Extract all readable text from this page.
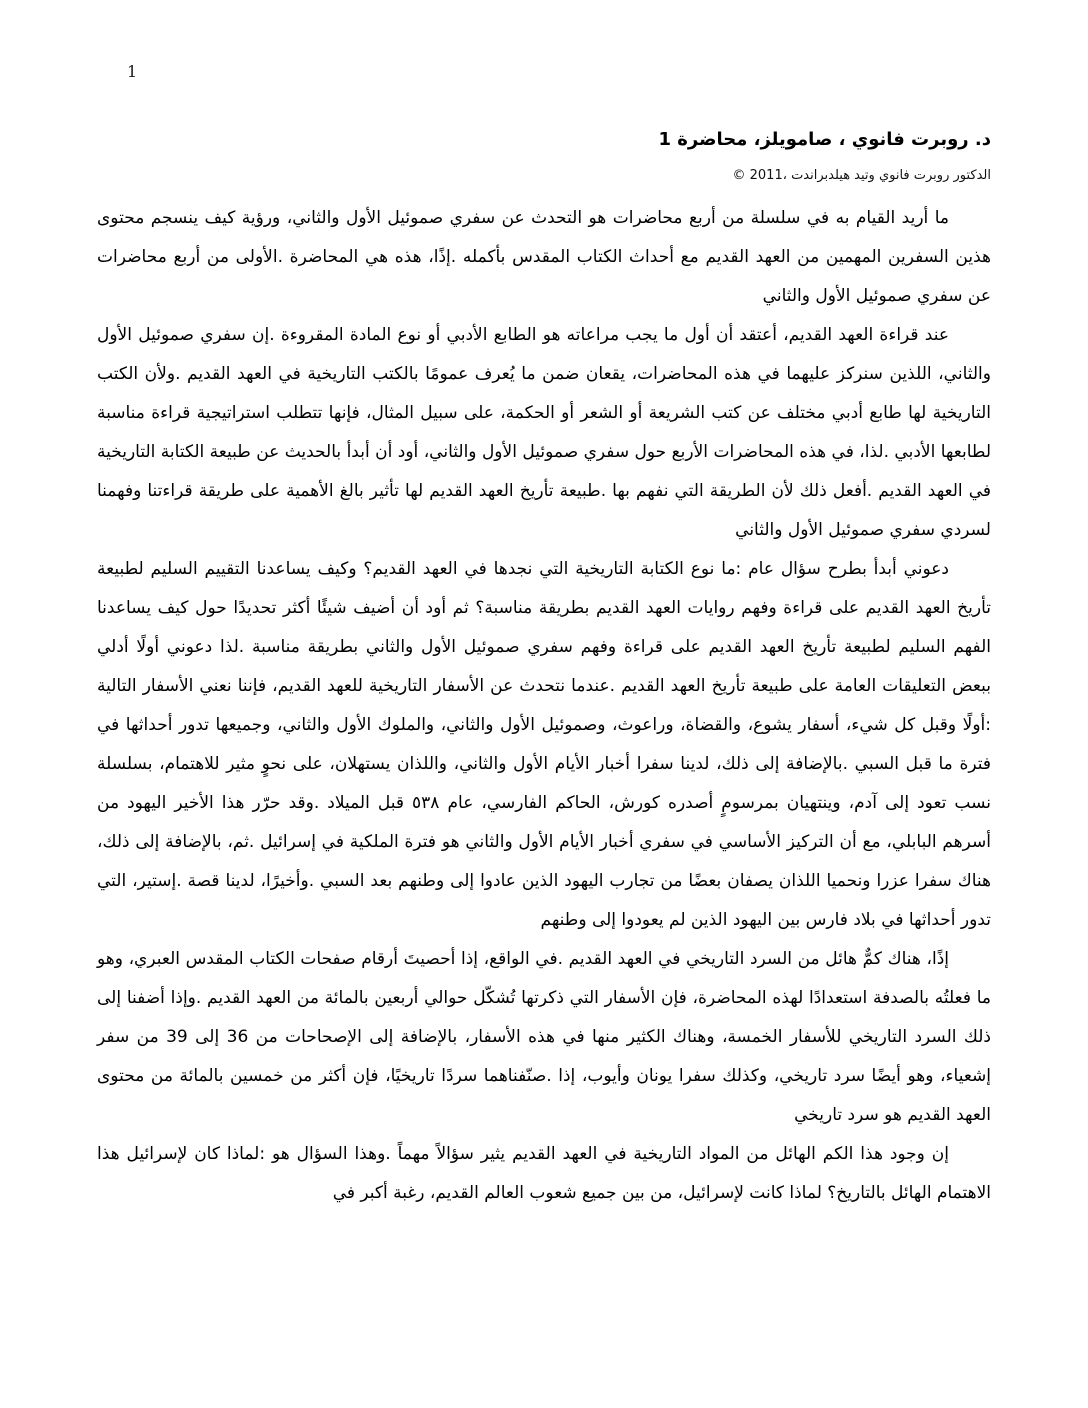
1
د. روبرت فانوي ، صامويلز، محاضرة 1
الدكتور روبرت فانوي وتيد هيلدبراندت ،2011 ©

ما أريد القيام به في سلسلة من أربع محاضرات هو التحدث عن سفري صموئيل الأول والثاني، ورؤية كيف ينسجم محتوى هذين السفرين المهمين من العهد القديم مع أحداث الكتاب المقدس بأكمله .إذًا، هذه هي المحاضرة .الأولى من أربع محاضرات عن سفري صموئيل الأول والثاني

عند قراءة العهد القديم، أعتقد أن أول ما يجب مراعاته هو الطابع الأدبي أو نوع المادة المقروءة .إن سفري صموئيل الأول والثاني، اللذين سنركز عليهما في هذه المحاضرات، يقعان ضمن ما يُعرف عمومًا بالكتب التاريخية في العهد القديم .ولأن الكتب التاريخية لها طابع أدبي مختلف عن كتب الشريعة أو الشعر أو الحكمة، على سبيل المثال، فإنها تتطلب استراتيجية قراءة مناسبة لطابعها الأدبي .لذا، في هذه المحاضرات الأربع حول سفري صموئيل الأول والثاني، أود أن أبدأ بالحديث عن طبيعة الكتابة التاريخية في العهد القديم .أفعل ذلك لأن الطريقة التي نفهم بها .طبيعة تأريخ العهد القديم لها تأثير بالغ الأهمية على طريقة قراءتنا وفهمنا لسردي سفري صموئيل الأول والثاني

دعوني أبدأ بطرح سؤال عام :ما نوع الكتابة التاريخية التي نجدها في العهد القديم؟ وكيف يساعدنا التقييم السليم لطبيعة تأريخ العهد القديم على قراءة وفهم روايات العهد القديم بطريقة مناسبة؟ ثم أود أن أضيف شيئًا أكثر تحديدًا حول كيف يساعدنا الفهم السليم لطبيعة تأريخ العهد القديم على قراءة وفهم سفري صموئيل الأول والثاني بطريقة مناسبة .لذا دعوني أولًا أدلي ببعض التعليقات العامة على طبيعة تأريخ العهد القديم .عندما نتحدث عن الأسفار التاريخية للعهد القديم، فإننا نعني الأسفار التالية :أولًا وقبل كل شيء، أسفار يشوع، والقضاة، وراعوث، وصموئيل الأول والثاني، والملوك الأول والثاني، وجميعها تدور أحداثها في فترة ما قبل السبي .بالإضافة إلى ذلك، لدينا سفرا أخبار الأيام الأول والثاني، واللذان يستهلان، على نحوٍ مثير للاهتمام، بسلسلة نسب تعود إلى آدم، وينتهيان بمرسومٍ أصدره كورش، الحاكم الفارسي، عام ٥٣٨ قبل الميلاد .وقد حرّر هذا الأخير اليهود من أسرهم البابلي، مع أن التركيز الأساسي في سفري أخبار الأيام الأول والثاني هو فترة الملكية في إسرائيل .ثم، بالإضافة إلى ذلك، هناك سفرا عزرا ونحميا اللذان يصفان بعضًا من تجارب اليهود الذين عادوا إلى وطنهم بعد السبي .وأخيرًا، لدينا قصة .إستير، التي تدور أحداثها في بلاد فارس بين اليهود الذين لم يعودوا إلى وطنهم

إذًا، هناك كمٌّ هائل من السرد التاريخي في العهد القديم .في الواقع، إذا أحصيتَ أرقام صفحات الكتاب المقدس العبري، وهو ما فعلتُه بالصدفة استعدادًا لهذه المحاضرة، فإن الأسفار التي ذكرتها تُشكّل حوالي أربعين بالمائة من العهد القديم .وإذا أضفنا إلى ذلك السرد التاريخي للأسفار الخمسة، وهناك الكثير منها في هذه الأسفار، بالإضافة إلى الإصحاحات من 36 إلى 39 من سفر إشعياء، وهو أيضًا سرد تاريخي، وكذلك سفرا يونان وأيوب، إذا .صنّفناهما سردًا تاريخيًا، فإن أكثر من خمسين بالمائة من محتوى العهد القديم هو سرد تاريخي

إن وجود هذا الكم الهائل من المواد التاريخية في العهد القديم يثير سؤالاً مهماً .وهذا السؤال هو :لماذا كان لإسرائيل هذا الاهتمام الهائل بالتاريخ؟ لماذا كانت لإسرائيل، من بين جميع شعوب العالم القديم، رغبة أكبر في
